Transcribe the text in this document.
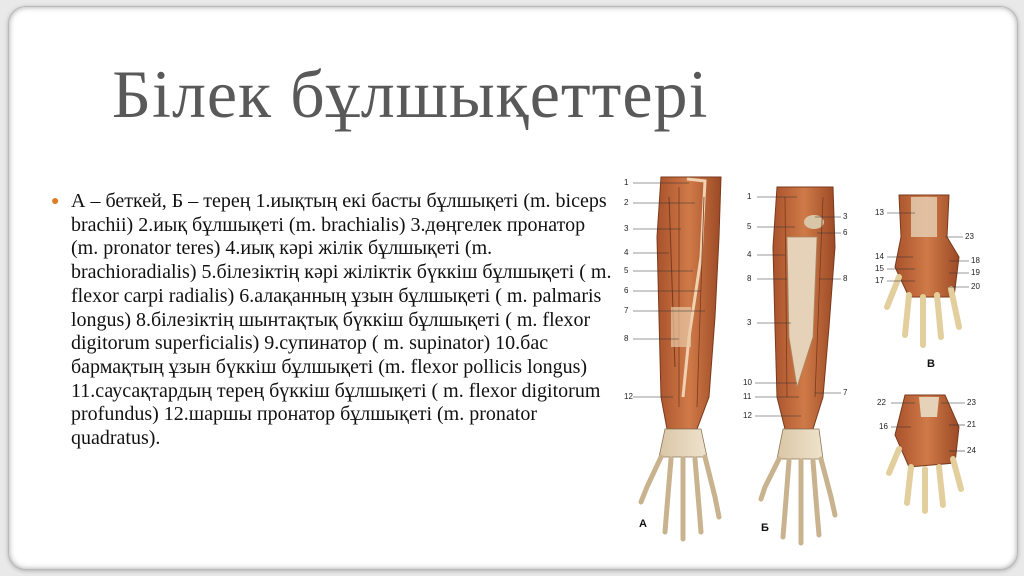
Білек бұлшықеттері
● А – беткей, Б – терең 1.иықтың екі басты бұлшықеті (m. biceps brachii) 2.иық бұлшықеті (m. brachialis) 3.дөңгелек пронатор (m. pronator teres) 4.иық кәрі жілік бұлшықеті (m. brachioradialis) 5.білезіктің кәрі жіліктік бүккіш бұлшықеті ( m. flexor carpi radialis) 6.алақанның ұзын бұлшықеті ( m. palmaris longus) 8.білезіктің шынтақтық бүккіш бұлшықеті ( m. flexor digitorum superficialis) 9.супинатор ( m. supinator) 10.бас бармақтың ұзын бүккіш бұлшықеті (m. flexor pollicis longus) 11.саусақтардың терең бүккіш бұлшықеті ( m. flexor digitorum profundus) 12.шаршы пронатор бұлшықеті (m. pronator quadratus).
1
2
3
4
5
6
7
8
12
1
5
4
8
3
10
11
12
3
6
8
7
13
14
15
17
23
18
19
20
22
16
23
21
24
А	Б
В
